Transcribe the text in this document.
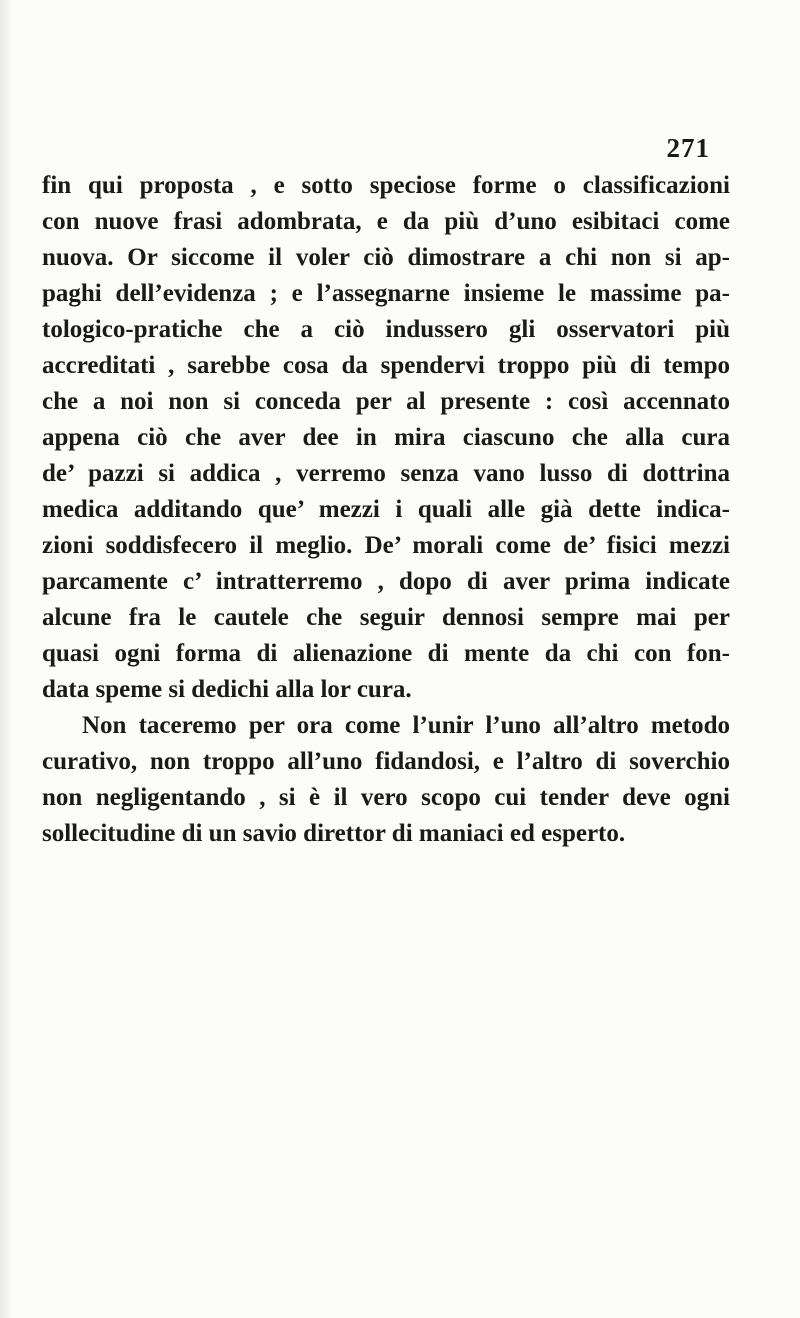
271
fin qui proposta , e sotto speciose forme o classificazioni
con nuove frasi adombrata, e da più d’uno esibitaci come
nuova. Or siccome il voler ciò dimostrare a chi non si ap-
paghi dell’evidenza ; e l’assegnarne insieme le massime pa-
tologico-pratiche che a ciò indussero gli osservatori più
accreditati , sarebbe cosa da spendervi troppo più di tempo
che a noi non si conceda per al presente : così accennato
appena ciò che aver dee in mira ciascuno che alla cura
de’ pazzi si addica , verremo senza vano lusso di dottrina
medica additando que’ mezzi i quali alle già dette indica-
zioni soddisfecero il meglio. De’ morali come de’ fisici mezzi
parcamente c’ intratterremo , dopo di aver prima indicate
alcune fra le cautele che seguir dennosi sempre mai per
quasi ogni forma di alienazione di mente da chi con fon-
data speme si dedichi alla lor cura.
Non taceremo per ora come l’unir l’uno all’altro metodo
curativo, non troppo all’uno fidandosi, e l’altro di soverchio
non negligentando , si è il vero scopo cui tender deve ogni
sollecitudine di un savio direttor di maniaci ed esperto.
